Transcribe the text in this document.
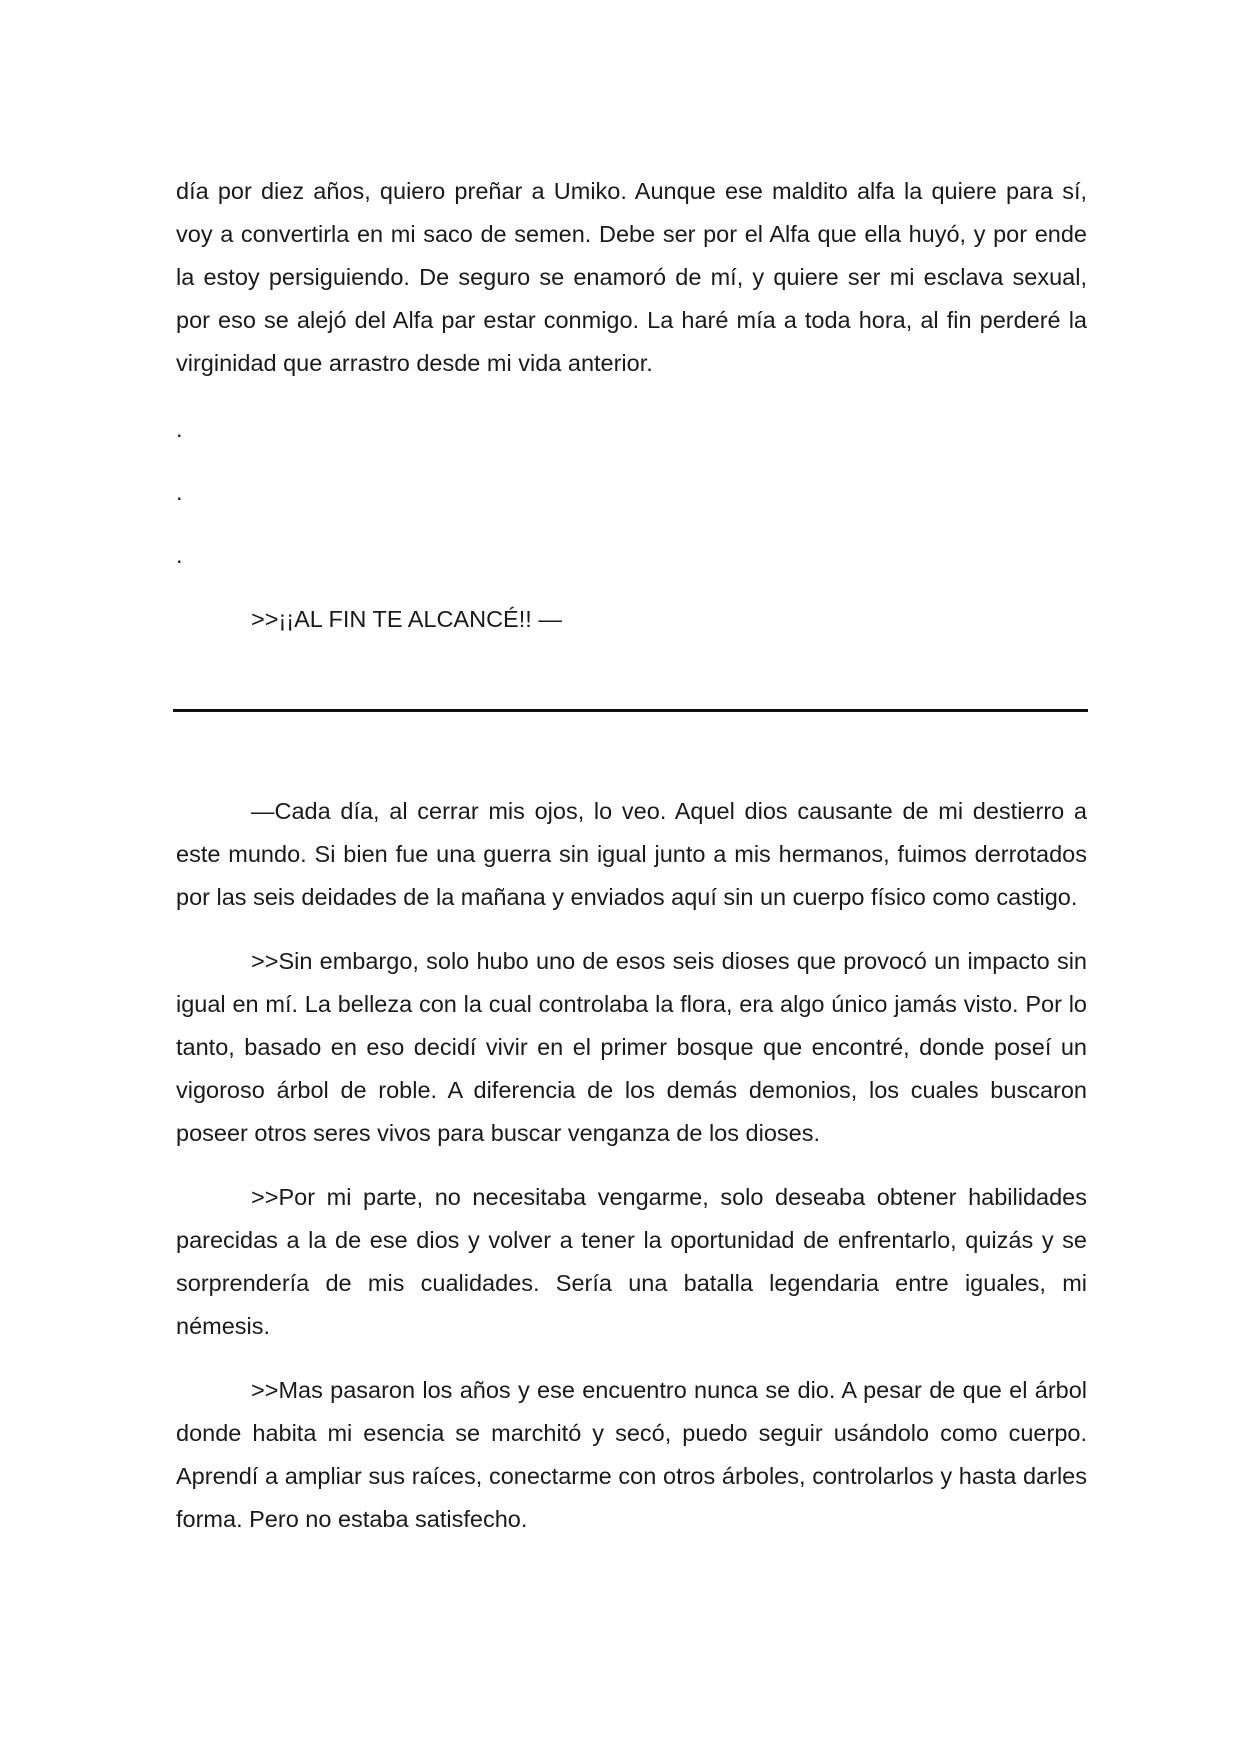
día por diez años, quiero preñar a Umiko. Aunque ese maldito alfa la quiere para sí, voy a convertirla en mi saco de semen. Debe ser por el Alfa que ella huyó, y por ende la estoy persiguiendo. De seguro se enamoró de mí, y quiere ser mi esclava sexual, por eso se alejó del Alfa par estar conmigo. La haré mía a toda hora, al fin perderé la virginidad que arrastro desde mi vida anterior.

.
.
.
>>¡¡AL FIN TE ALCANCÉ!! —

—Cada día, al cerrar mis ojos, lo veo. Aquel dios causante de mi destierro a este mundo. Si bien fue una guerra sin igual junto a mis hermanos, fuimos derrotados por las seis deidades de la mañana y enviados aquí sin un cuerpo físico como castigo.

>>Sin embargo, solo hubo uno de esos seis dioses que provocó un impacto sin igual en mí. La belleza con la cual controlaba la flora, era algo único jamás visto. Por lo tanto, basado en eso decidí vivir en el primer bosque que encontré, donde poseí un vigoroso árbol de roble. A diferencia de los demás demonios, los cuales buscaron poseer otros seres vivos para buscar venganza de los dioses.

>>Por mi parte, no necesitaba vengarme, solo deseaba obtener habilidades parecidas a la de ese dios y volver a tener la oportunidad de enfrentarlo, quizás y se sorprendería de mis cualidades. Sería una batalla legendaria entre iguales, mi némesis.

>>Mas pasaron los años y ese encuentro nunca se dio. A pesar de que el árbol donde habita mi esencia se marchitó y secó, puedo seguir usándolo como cuerpo. Aprendí a ampliar sus raíces, conectarme con otros árboles, controlarlos y hasta darles forma. Pero no estaba satisfecho.
